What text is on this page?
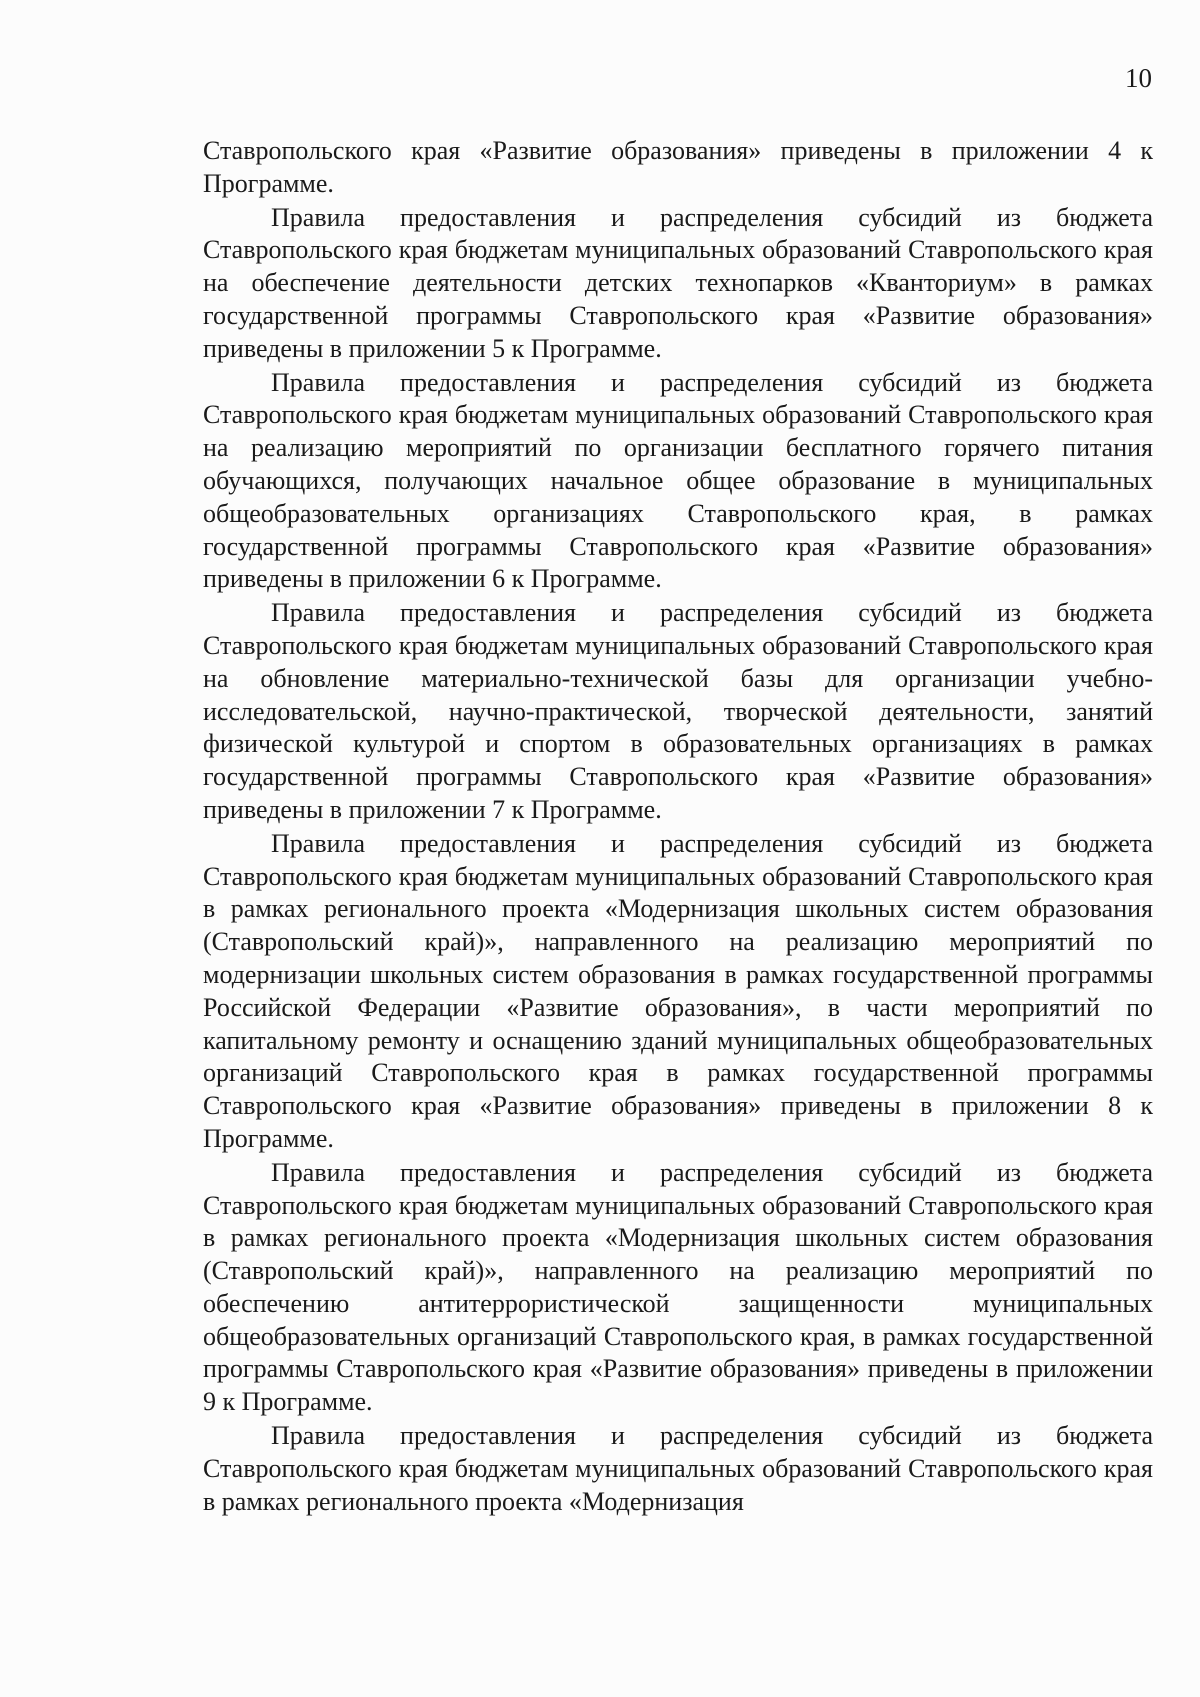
10

Ставропольского края «Развитие образования» приведены в приложении 4 к Программе.

Правила предоставления и распределения субсидий из бюджета Ставропольского края бюджетам муниципальных образований Ставропольского края на обеспечение деятельности детских технопарков «Кванториум» в рамках государственной программы Ставропольского края «Развитие образования» приведены в приложении 5 к Программе.

Правила предоставления и распределения субсидий из бюджета Ставропольского края бюджетам муниципальных образований Ставропольского края на реализацию мероприятий по организации бесплатного горячего питания обучающихся, получающих начальное общее образование в муниципальных общеобразовательных организациях Ставропольского края, в рамках государственной программы Ставропольского края «Развитие образования» приведены в приложении 6 к Программе.

Правила предоставления и распределения субсидий из бюджета Ставропольского края бюджетам муниципальных образований Ставропольского края на обновление материально-технической базы для организации учебно-исследовательской, научно-практической, творческой деятельности, занятий физической культурой и спортом в образовательных организациях в рамках государственной программы Ставропольского края «Развитие образования» приведены в приложении 7 к Программе.

Правила предоставления и распределения субсидий из бюджета Ставропольского края бюджетам муниципальных образований Ставропольского края в рамках регионального проекта «Модернизация школьных систем образования (Ставропольский край)», направленного на реализацию мероприятий по модернизации школьных систем образования в рамках государственной программы Российской Федерации «Развитие образования», в части мероприятий по капитальному ремонту и оснащению зданий муниципальных общеобразовательных организаций Ставропольского края в рамках государственной программы Ставропольского края «Развитие образования» приведены в приложении 8 к Программе.

Правила предоставления и распределения субсидий из бюджета Ставропольского края бюджетам муниципальных образований Ставропольского края в рамках регионального проекта «Модернизация школьных систем образования (Ставропольский край)», направленного на реализацию мероприятий по обеспечению антитеррористической защищенности муниципальных общеобразовательных организаций Ставропольского края, в рамках государственной программы Ставропольского края «Развитие образования» приведены в приложении 9 к Программе.

Правила предоставления и распределения субсидий из бюджета Ставропольского края бюджетам муниципальных образований Ставропольского края в рамках регионального проекта «Модернизация
